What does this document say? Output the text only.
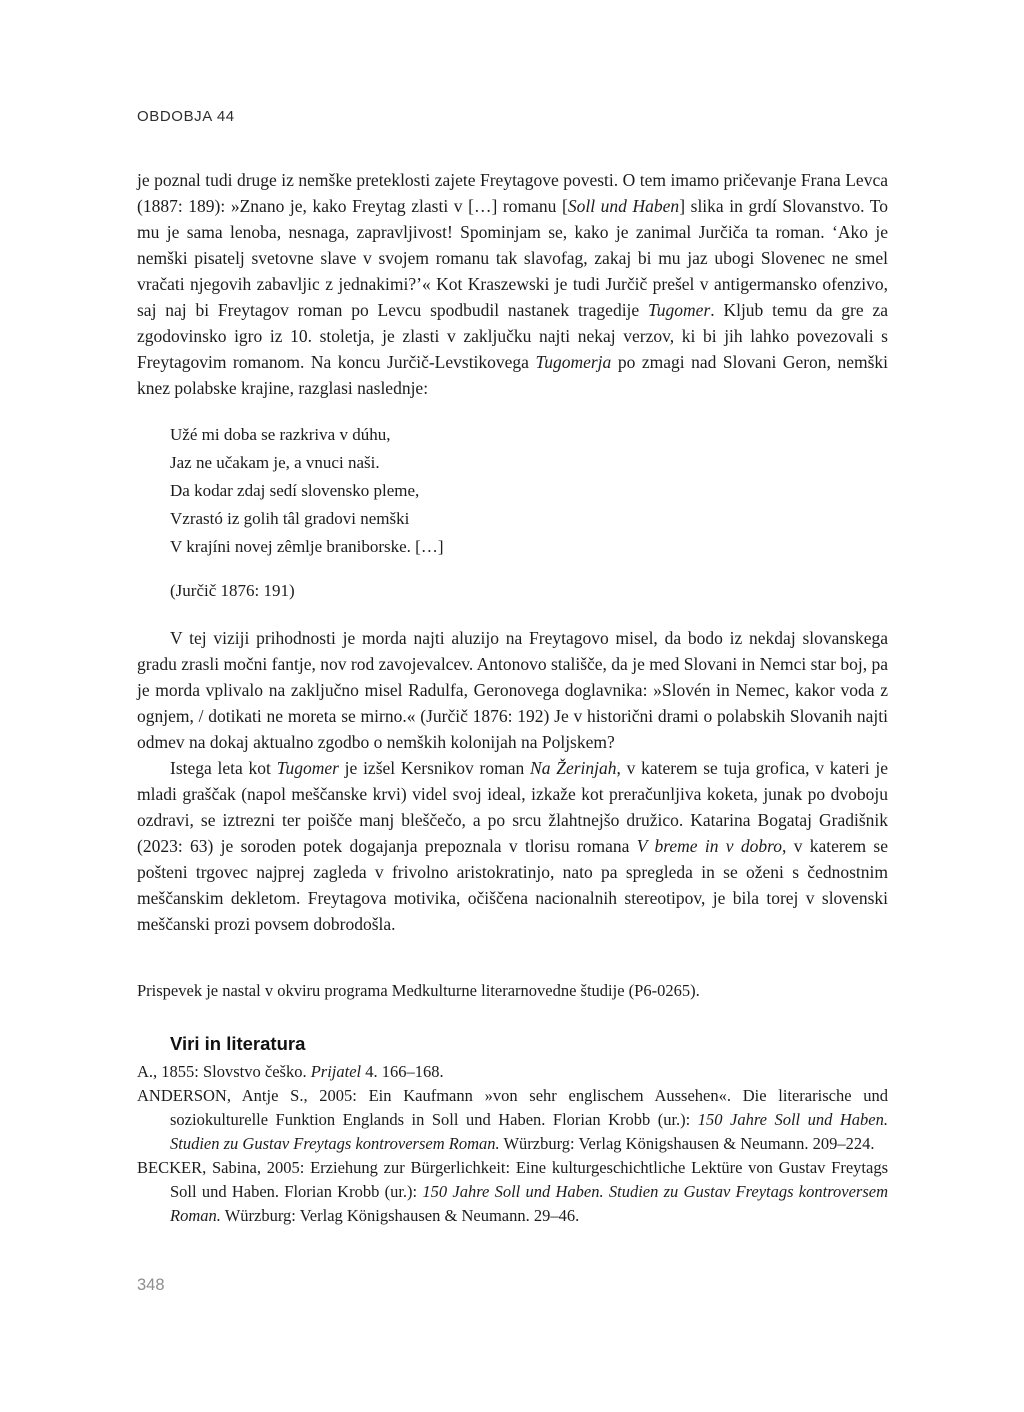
OBDOBJA 44

je poznal tudi druge iz nemške preteklosti zajete Freytagove povesti. O tem imamo pričevanje Frana Levca (1887: 189): »Znano je, kako Freytag zlasti v […] romanu [Soll und Haben] slika in grdí Slovanstvo. To mu je sama lenoba, nesnaga, zapravljivost! Spominjam se, kako je zanimal Jurčiča ta roman. ‘Ako je nemški pisatelj svetovne slave v svojem romanu tak slavofag, zakaj bi mu jaz ubogi Slovenec ne smel vračati njegovih zabavljic z jednakimi?’« Kot Kraszewski je tudi Jurčič prešel v antigermansko ofenzivo, saj naj bi Freytagov roman po Levcu spodbudil nastanek tragedije Tugomer. Kljub temu da gre za zgodovinsko igro iz 10. stoletja, je zlasti v zaključku najti nekaj verzov, ki bi jih lahko povezovali s Freytagovim romanom. Na koncu Jurčič-Levstikovega Tugomerja po zmagi nad Slovani Geron, nemški knez polabske krajine, razglasi naslednje:

Užé mi doba se razkriva v dúhu,
Jaz ne učakam je, a vnuci naši.
Da kodar zdaj sedí slovensko pleme,
Vzrastó iz golih tâl gradovi nemški
V krajíni novej zêmlje braniborske. […]
(Jurčič 1876: 191)

V tej viziji prihodnosti je morda najti aluzijo na Freytagovo misel, da bodo iz nekdaj slovanskega gradu zrasli močni fantje, nov rod zavojevalcev. Antonovo stališče, da je med Slovani in Nemci star boj, pa je morda vplivalo na zaključno misel Radulfa, Geronovega doglavnika: »Slovén in Nemec, kakor voda z ognjem, / dotikati ne moreta se mirno.« (Jurčič 1876: 192) Je v historični drami o polabskih Slovanih najti odmev na dokaj aktualno zgodbo o nemških kolonijah na Poljskem?

Istega leta kot Tugomer je izšel Kersnikov roman Na Žerinjah, v katerem se tuja grofica, v kateri je mladi graščak (napol meščanske krvi) videl svoj ideal, izkaže kot preračunljiva koketa, junak po dvoboju ozdravi, se iztrezni ter poišče manj bleščečo, a po srcu žlahtnejšo družico. Katarina Bogataj Gradišnik (2023: 63) je soroden potek dogajanja prepoznala v tlorisu romana V breme in v dobro, v katerem se pošteni trgovec najprej zagleda v frivolno aristokratinjo, nato pa spregleda in se oženi s čednostnim meščanskim dekletom. Freytagova motivika, očiščena nacionalnih stereotipov, je bila torej v slovenski meščanski prozi povsem dobrodošla.

Prispevek je nastal v okviru programa Medkulturne literarnovedne študije (P6-0265).

Viri in literatura

A., 1855: Slovstvo češko. Prijatel 4. 166–168.

ANDERSON, Antje S., 2005: Ein Kaufmann »von sehr englischem Aussehen«. Die literarische und soziokulturelle Funktion Englands in Soll und Haben. Florian Krobb (ur.): 150 Jahre Soll und Haben. Studien zu Gustav Freytags kontroversem Roman. Würzburg: Verlag Königshausen & Neumann. 209–224.

BECKER, Sabina, 2005: Erziehung zur Bürgerlichkeit: Eine kulturgeschichtliche Lektüre von Gustav Freytags Soll und Haben. Florian Krobb (ur.): 150 Jahre Soll und Haben. Studien zu Gustav Freytags kontroversem Roman. Würzburg: Verlag Königshausen & Neumann. 29–46.

348
